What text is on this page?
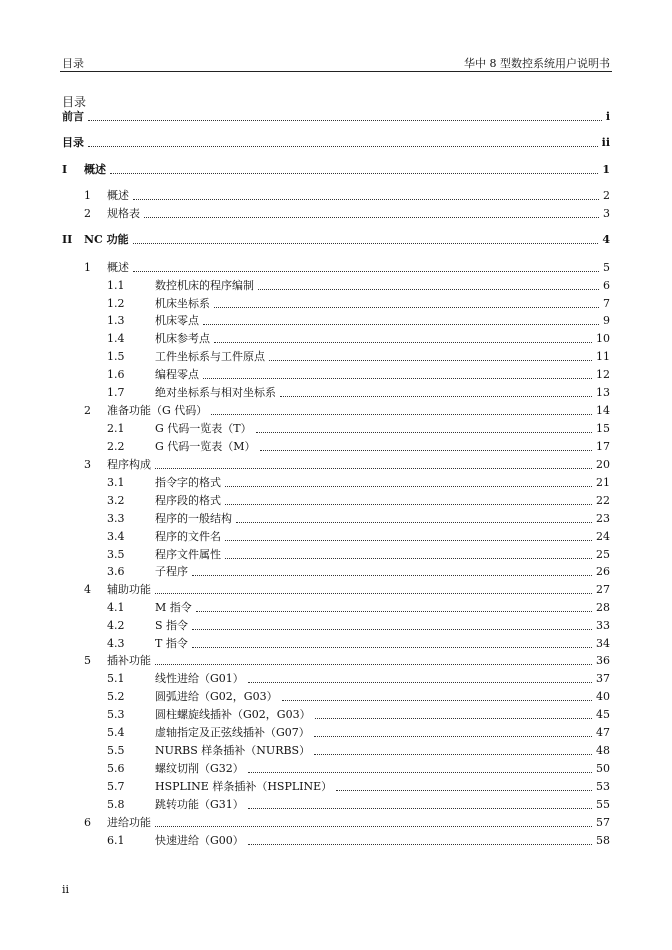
目录	华中 8 型数控系统用户说明书
目录
前言	i
目录	ii
I 概述	1
1 概述	2
2 规格表	3
II NC 功能	4
1 概述	5
1.1	数控机床的程序编制	6
1.2	机床坐标系	7
1.3	机床零点	9
1.4	机床参考点	10
1.5	工件坐标系与工件原点	11
1.6	编程零点	12
1.7	绝对坐标系与相对坐标系	13
2 准备功能（G 代码）	14
2.1	G 代码一览表（T）	15
2.2	G 代码一览表（M）	17
3 程序构成	20
3.1	指令字的格式	21
3.2	程序段的格式	22
3.3	程序的一般结构	23
3.4	程序的文件名	24
3.5	程序文件属性	25
3.6	子程序	26
4 辅助功能	27
4.1	M 指令	28
4.2	S 指令	33
4.3	T 指令	34
5 插补功能	36
5.1	线性进给（G01）	37
5.2	圆弧进给（G02，G03）	40
5.3	圆柱螺旋线插补（G02，G03）	45
5.4	虚轴指定及正弦线插补（G07）	47
5.5	NURBS 样条插补（NURBS）	48
5.6	螺纹切削（G32）	50
5.7	HSPLINE 样条插补（HSPLINE）	53
5.8	跳转功能（G31）	55
6 进给功能	57
6.1	快速进给（G00）	58
ii
